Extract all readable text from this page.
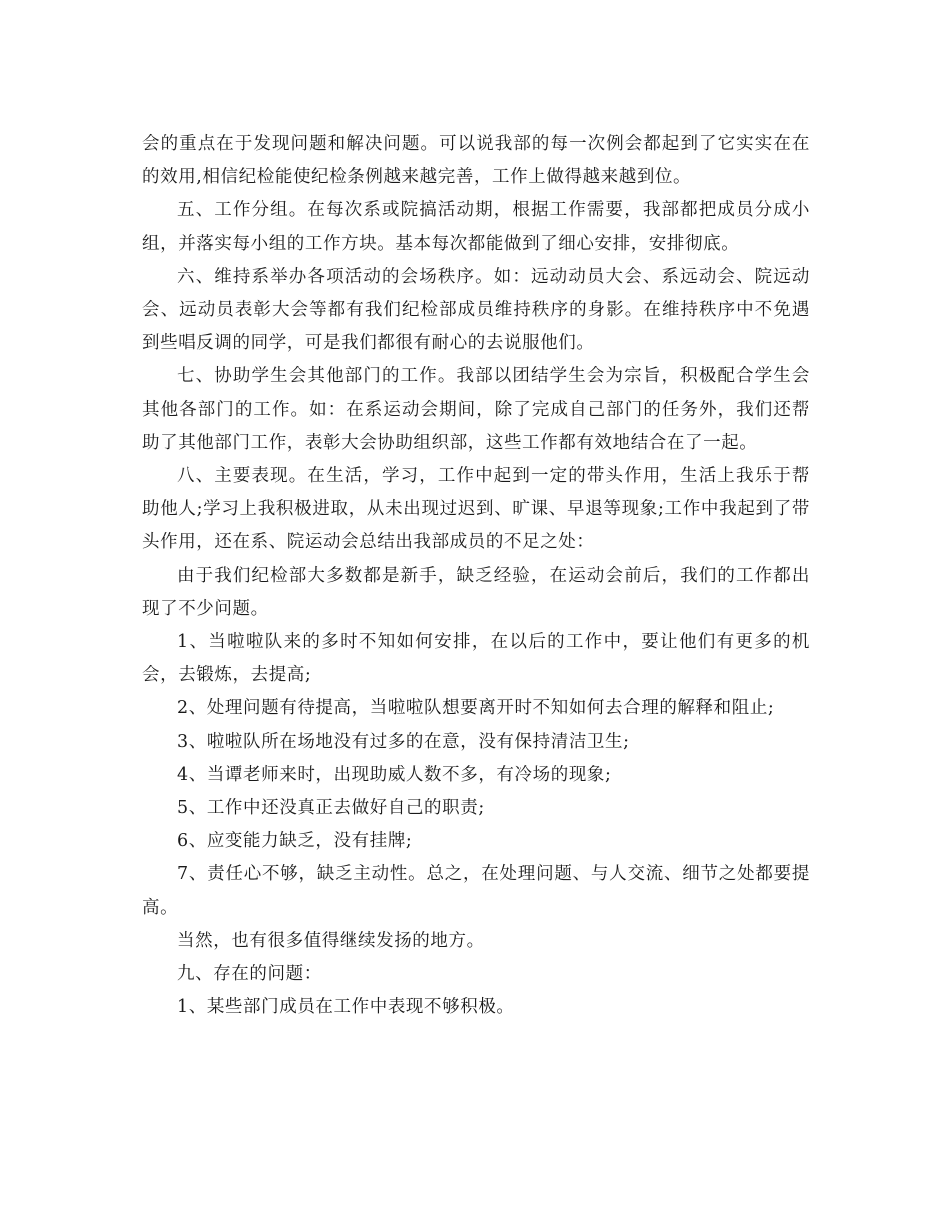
会的重点在于发现问题和解决问题。可以说我部的每一次例会都起到了它实实在在的效用,相信纪检能使纪检条例越来越完善，工作上做得越来越到位。

五、工作分组。在每次系或院搞活动期，根据工作需要，我部都把成员分成小组，并落实每小组的工作方块。基本每次都能做到了细心安排，安排彻底。

六、维持系举办各项活动的会场秩序。如：远动动员大会、系远动会、院远动会、远动员表彰大会等都有我们纪检部成员维持秩序的身影。在维持秩序中不免遇到些唱反调的同学，可是我们都很有耐心的去说服他们。

七、协助学生会其他部门的工作。我部以团结学生会为宗旨，积极配合学生会其他各部门的工作。如：在系运动会期间，除了完成自己部门的任务外，我们还帮助了其他部门工作，表彰大会协助组织部，这些工作都有效地结合在了一起。

八、主要表现。在生活，学习，工作中起到一定的带头作用，生活上我乐于帮助他人;学习上我积极进取，从未出现过迟到、旷课、早退等现象;工作中我起到了带头作用，还在系、院运动会总结出我部成员的不足之处：

由于我们纪检部大多数都是新手，缺乏经验，在运动会前后，我们的工作都出现了不少问题。

1、当啦啦队来的多时不知如何安排，在以后的工作中，要让他们有更多的机会，去锻炼，去提高;

2、处理问题有待提高，当啦啦队想要离开时不知如何去合理的解释和阻止;

3、啦啦队所在场地没有过多的在意，没有保持清洁卫生;

4、当谭老师来时，出现助威人数不多，有冷场的现象;

5、工作中还没真正去做好自己的职责;

6、应变能力缺乏，没有挂牌;

7、责任心不够，缺乏主动性。总之，在处理问题、与人交流、细节之处都要提高。

当然，也有很多值得继续发扬的地方。

九、存在的问题：

1、某些部门成员在工作中表现不够积极。
